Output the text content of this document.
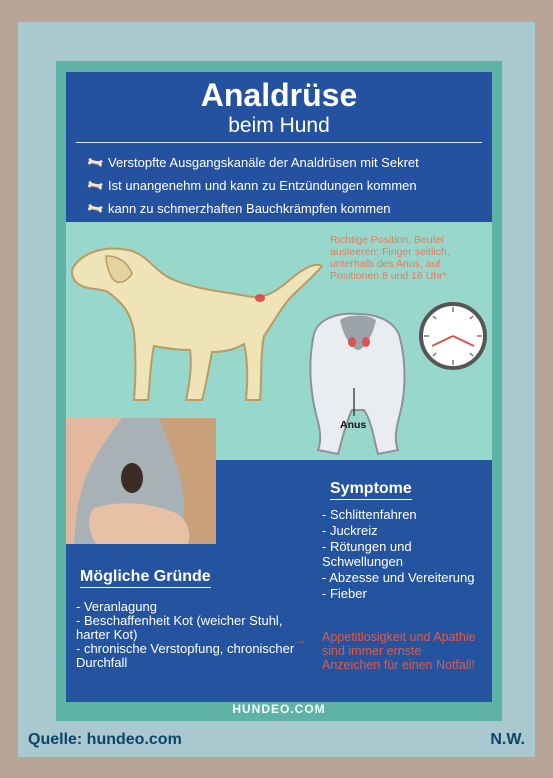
Analdrüse
beim Hund
🦴 Verstopfte Ausgangskanäle der Analdrüsen mit Sekret
🦴 Ist unangenehm und kann zu Entzündungen kommen
🦴 kann zu schmerzhaften Bauchkrämpfen kommen
Richtige Position, Beutel ausleeren: Finger seitlich, unterhalb des Anus, auf Positionen 8 und 16 Uhr*.
Anus
Symptome
- Schlittenfahren
- Juckreiz
- Rötungen und Schwellungen
- Abzesse und Vereiterung
- Fieber
Mögliche Gründe
- Veranlagung
- Beschaffenheit Kot (weicher Stuhl, harter Kot)
- chronische Verstopfung, chronischer Durchfall
→ Appetitlosigkeit und Apathie sind immer ernste Anzeichen für einen Notfall!
HUNDEO.COM
Quelle: hundeo.com	N.W.
